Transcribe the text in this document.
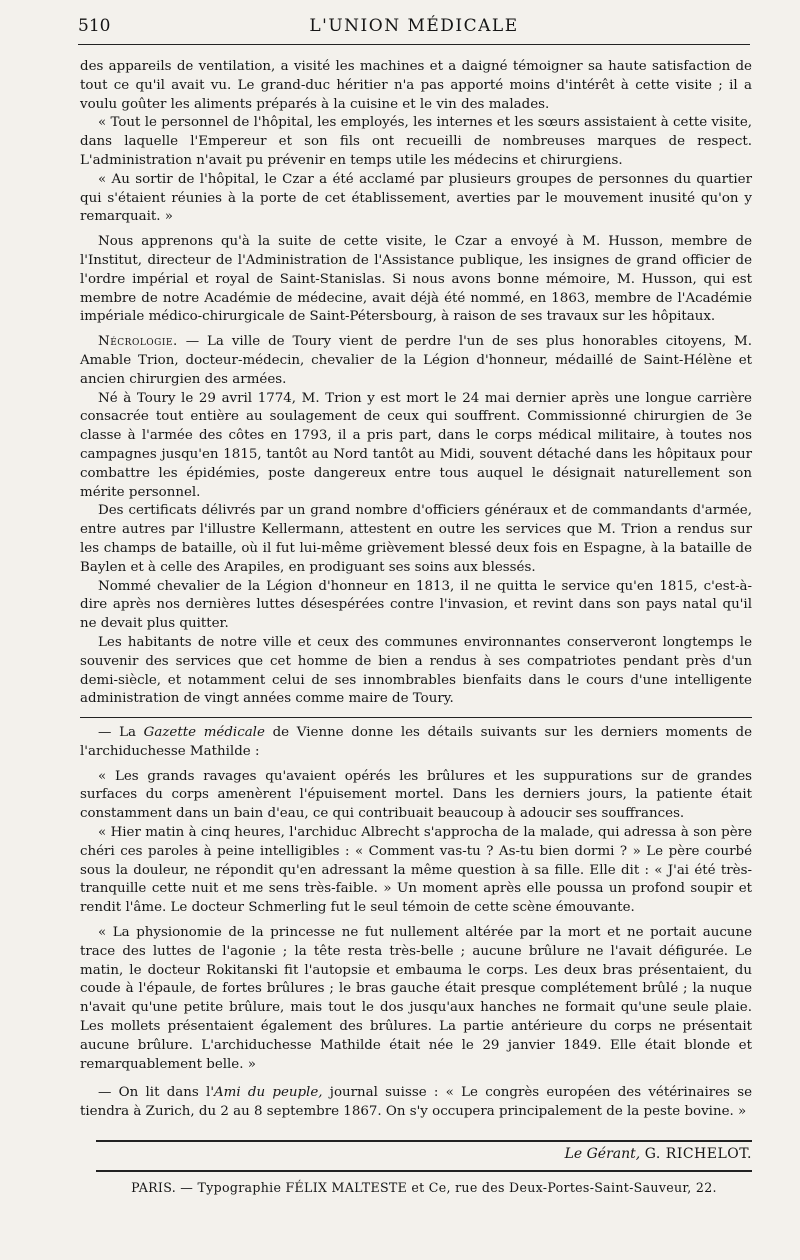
510	L'UNION MÉDICALE

des appareils de ventilation, a visité les machines et a daigné témoigner sa haute satisfaction de tout ce qu'il avait vu. Le grand-duc héritier n'a pas apporté moins d'intérêt à cette visite ; il a voulu goûter les aliments préparés à la cuisine et le vin des malades.

« Tout le personnel de l'hôpital, les employés, les internes et les sœurs assistaient à cette visite, dans laquelle l'Empereur et son fils ont recueilli de nombreuses marques de respect. L'administration n'avait pu prévenir en temps utile les médecins et chirurgiens.

« Au sortir de l'hôpital, le Czar a été acclamé par plusieurs groupes de personnes du quartier qui s'étaient réunies à la porte de cet établissement, averties par le mouvement inusité qu'on y remarquait. »

Nous apprenons qu'à la suite de cette visite, le Czar a envoyé à M. Husson, membre de l'Institut, directeur de l'Administration de l'Assistance publique, les insignes de grand officier de l'ordre impérial et royal de Saint-Stanislas. Si nous avons bonne mémoire, M. Husson, qui est membre de notre Académie de médecine, avait déjà été nommé, en 1863, membre de l'Académie impériale médico-chirurgicale de Saint-Pétersbourg, à raison de ses travaux sur les hôpitaux.

Nécrologie. — La ville de Toury vient de perdre l'un de ses plus honorables citoyens, M. Amable Trion, docteur-médecin, chevalier de la Légion d'honneur, médaillé de Saint-Hélène et ancien chirurgien des armées.

Né à Toury le 29 avril 1774, M. Trion y est mort le 24 mai dernier après une longue carrière consacrée tout entière au soulagement de ceux qui souffrent. Commissionné chirurgien de 3e classe à l'armée des côtes en 1793, il a pris part, dans le corps médical militaire, à toutes nos campagnes jusqu'en 1815, tantôt au Nord tantôt au Midi, souvent détaché dans les hôpitaux pour combattre les épidémies, poste dangereux entre tous auquel le désignait naturellement son mérite personnel.

Des certificats délivrés par un grand nombre d'officiers généraux et de commandants d'armée, entre autres par l'illustre Kellermann, attestent en outre les services que M. Trion a rendus sur les champs de bataille, où il fut lui-même grièvement blessé deux fois en Espagne, à la bataille de Baylen et à celle des Arapiles, en prodiguant ses soins aux blessés.

Nommé chevalier de la Légion d'honneur en 1813, il ne quitta le service qu'en 1815, c'est-à-dire après nos dernières luttes désespérées contre l'invasion, et revint dans son pays natal qu'il ne devait plus quitter.

Les habitants de notre ville et ceux des communes environnantes conserveront longtemps le souvenir des services que cet homme de bien a rendus à ses compatriotes pendant près d'un demi-siècle, et notamment celui de ses innombrables bienfaits dans le cours d'une intelligente administration de vingt années comme maire de Toury.

— La Gazette médicale de Vienne donne les détails suivants sur les derniers moments de l'archiduchesse Mathilde :

« Les grands ravages qu'avaient opérés les brûlures et les suppurations sur de grandes surfaces du corps amenèrent l'épuisement mortel. Dans les derniers jours, la patiente était constamment dans un bain d'eau, ce qui contribuait beaucoup à adoucir ses souffrances.

« Hier matin à cinq heures, l'archiduc Albrecht s'approcha de la malade, qui adressa à son père chéri ces paroles à peine intelligibles : « Comment vas-tu ? As-tu bien dormi ? » Le père courbé sous la douleur, ne répondit qu'en adressant la même question à sa fille. Elle dit : « J'ai été très-tranquille cette nuit et me sens très-faible. » Un moment après elle poussa un profond soupir et rendit l'âme. Le docteur Schmerling fut le seul témoin de cette scène émouvante.

« La physionomie de la princesse ne fut nullement altérée par la mort et ne portait aucune trace des luttes de l'agonie ; la tête resta très-belle ; aucune brûlure ne l'avait défigurée. Le matin, le docteur Rokitanski fit l'autopsie et embauma le corps. Les deux bras présentaient, du coude à l'épaule, de fortes brûlures ; le bras gauche était presque complétement brûlé ; la nuque n'avait qu'une petite brûlure, mais tout le dos jusqu'aux hanches ne formait qu'une seule plaie. Les mollets présentaient également des brûlures. La partie antérieure du corps ne présentait aucune brûlure. L'archiduchesse Mathilde était née le 29 janvier 1849. Elle était blonde et remarquablement belle. »

— On lit dans l'Ami du peuple, journal suisse : « Le congrès européen des vétérinaires se tiendra à Zurich, du 2 au 8 septembre 1867. On s'y occupera principalement de la peste bovine. »

Le Gérant, G. RICHELOT.
PARIS. — Typographie FÉLIX MALTESTE et Ce, rue des Deux-Portes-Saint-Sauveur, 22.
